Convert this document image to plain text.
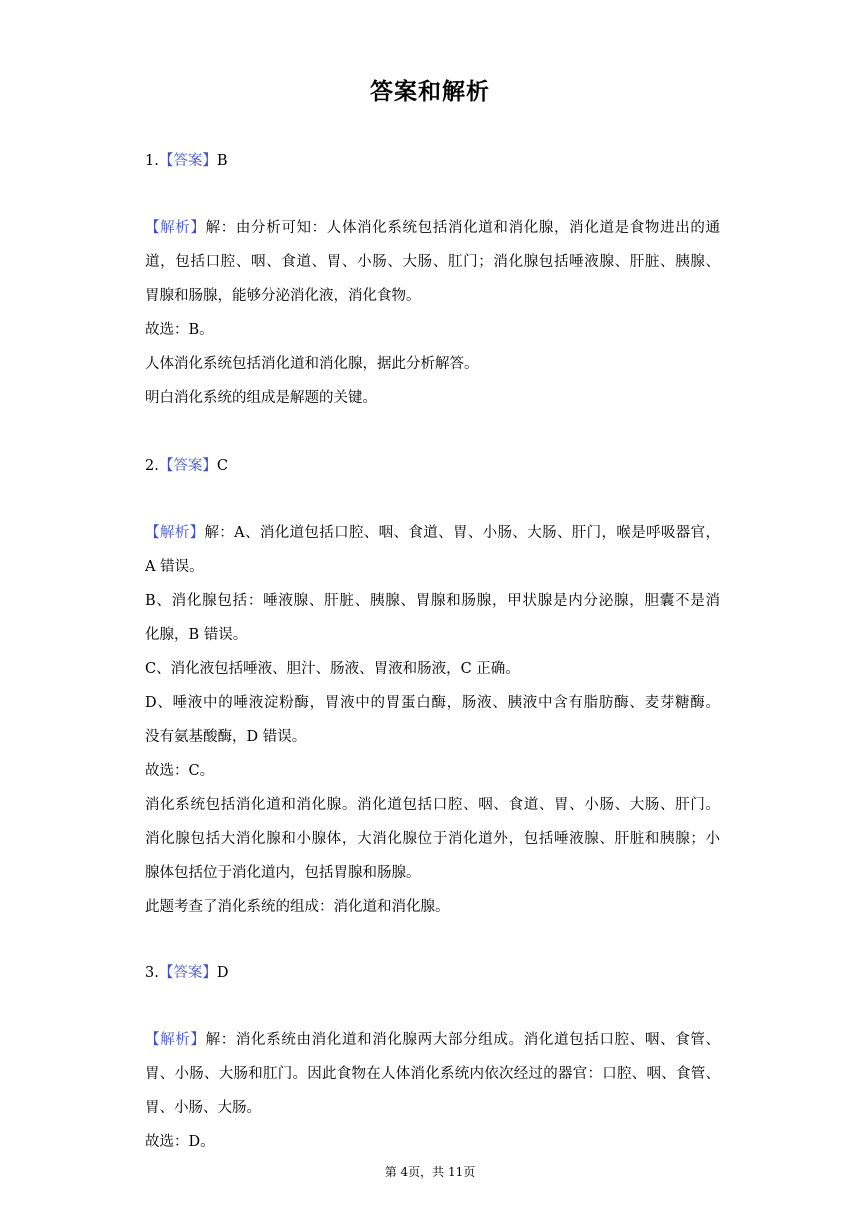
答案和解析
1.【答案】B
【解析】解：由分析可知：人体消化系统包括消化道和消化腺，消化道是食物进出的通
道，包括口腔、咽、食道、胃、小肠、大肠、肛门；消化腺包括唾液腺、肝脏、胰腺、
胃腺和肠腺，能够分泌消化液，消化食物。
故选：B。
人体消化系统包括消化道和消化腺，据此分析解答。
明白消化系统的组成是解题的关键。
2.【答案】C
【解析】解：A、消化道包括口腔、咽、食道、胃、小肠、大肠、肝门，喉是呼吸器官，
A 错误。
B、消化腺包括：唾液腺、肝脏、胰腺、胃腺和肠腺，甲状腺是内分泌腺，胆囊不是消
化腺，B 错误。
C、消化液包括唾液、胆汁、肠液、胃液和肠液，C 正确。
D、唾液中的唾液淀粉酶，胃液中的胃蛋白酶，肠液、胰液中含有脂肪酶、麦芽糖酶。
没有氨基酸酶，D 错误。
故选：C。
消化系统包括消化道和消化腺。消化道包括口腔、咽、食道、胃、小肠、大肠、肝门。
消化腺包括大消化腺和小腺体，大消化腺位于消化道外，包括唾液腺、肝脏和胰腺；小
腺体包括位于消化道内，包括胃腺和肠腺。
此题考查了消化系统的组成：消化道和消化腺。
3.【答案】D
【解析】解：消化系统由消化道和消化腺两大部分组成。消化道包括口腔、咽、食管、
胃、小肠、大肠和肛门。因此食物在人体消化系统内依次经过的器官：口腔、咽、食管、
胃、小肠、大肠。
故选：D。
第 4页，共 11页
